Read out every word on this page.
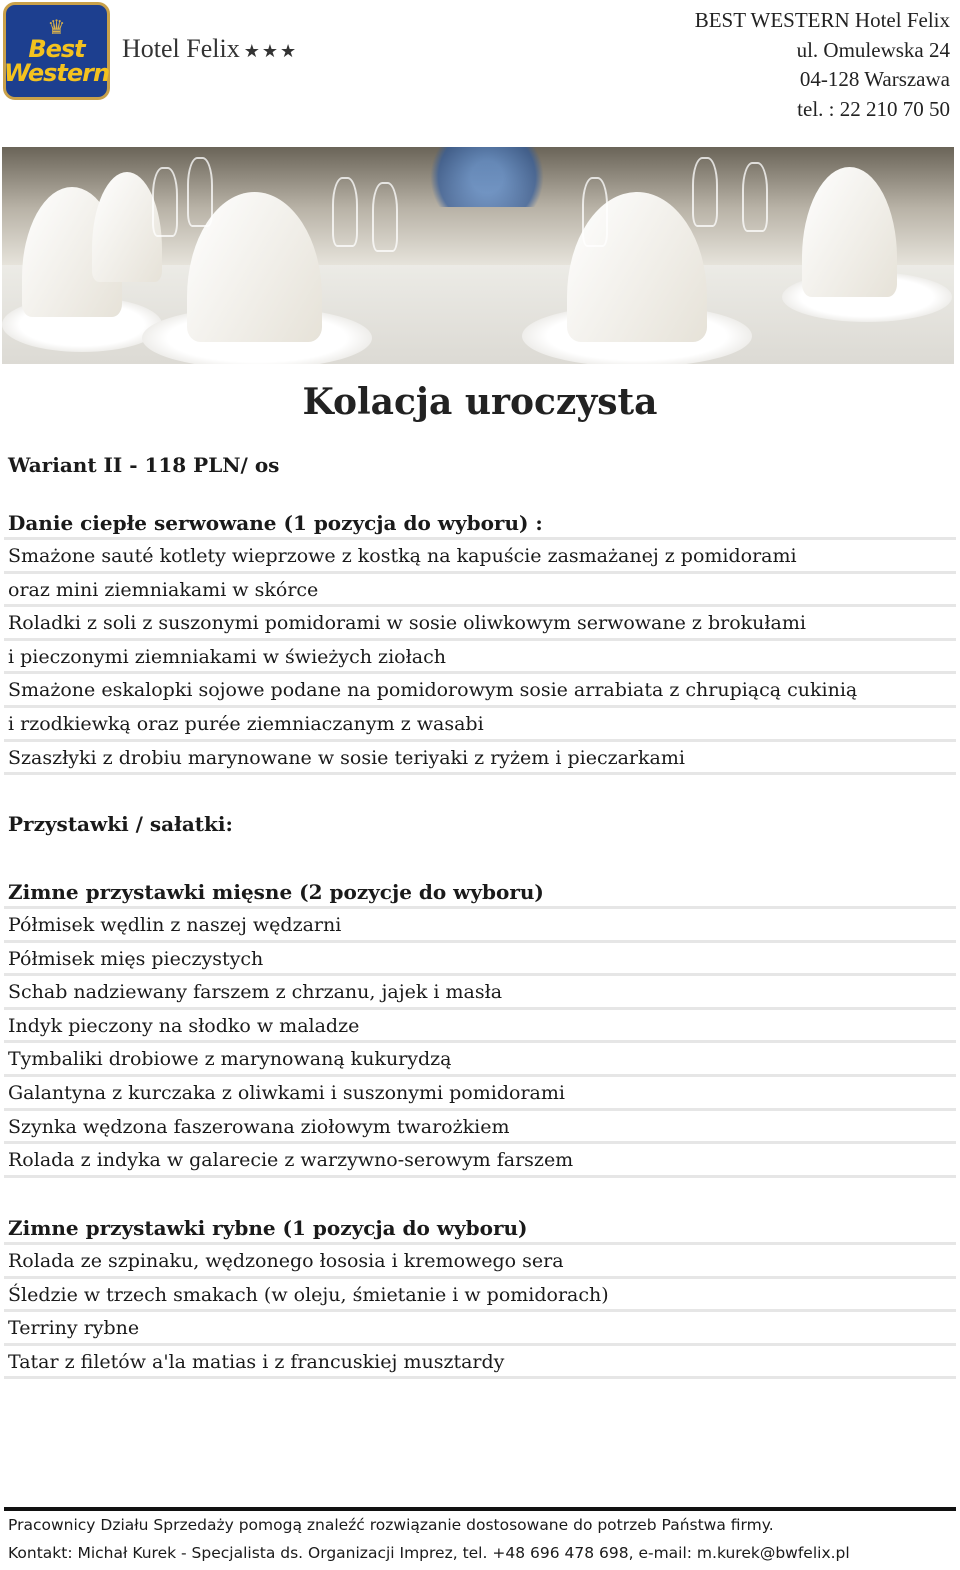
♛
Best
Western
Hotel Felix ★★★
BEST WESTERN Hotel Felix
ul. Omulewska 24
04-128 Warszawa
tel. : 22 210 70 50
Kolacja uroczysta
Wariant II - 118 PLN/ os
Danie ciepłe serwowane (1 pozycja do wyboru) :
Smażone sauté kotlety wieprzowe z kostką na kapuście zasmażanej z pomidorami
oraz mini ziemniakami w skórce
Roladki z soli z suszonymi pomidorami w sosie oliwkowym serwowane z brokułami
i pieczonymi ziemniakami w świeżych ziołach
Smażone eskalopki sojowe podane na pomidorowym sosie arrabiata z chrupiącą cukinią
i rzodkiewką oraz purée ziemniaczanym z wasabi
Szaszłyki z drobiu marynowane w sosie teriyaki z ryżem i pieczarkami
Przystawki / sałatki:
Zimne przystawki mięsne (2 pozycje do wyboru)
Półmisek wędlin z naszej wędzarni
Półmisek mięs pieczystych
Schab nadziewany farszem z chrzanu, jajek i masła
Indyk pieczony na słodko w maladze
Tymbaliki drobiowe z marynowaną kukurydzą
Galantyna z kurczaka z oliwkami i suszonymi pomidorami
Szynka wędzona faszerowana ziołowym twarożkiem
Rolada z indyka w galarecie z warzywno-serowym farszem
Zimne przystawki rybne (1 pozycja do wyboru)
Rolada ze szpinaku, wędzonego łososia i kremowego sera
Śledzie w trzech smakach (w oleju, śmietanie i w pomidorach)
Terriny rybne
Tatar z filetów a'la matias i z francuskiej musztardy

Pracownicy Działu Sprzedaży pomogą znaleźć rozwiązanie dostosowane do potrzeb Państwa firmy.

Kontakt: Michał Kurek - Specjalista ds. Organizacji Imprez, tel. +48 696 478 698, e-mail: m.kurek@bwfelix.pl
